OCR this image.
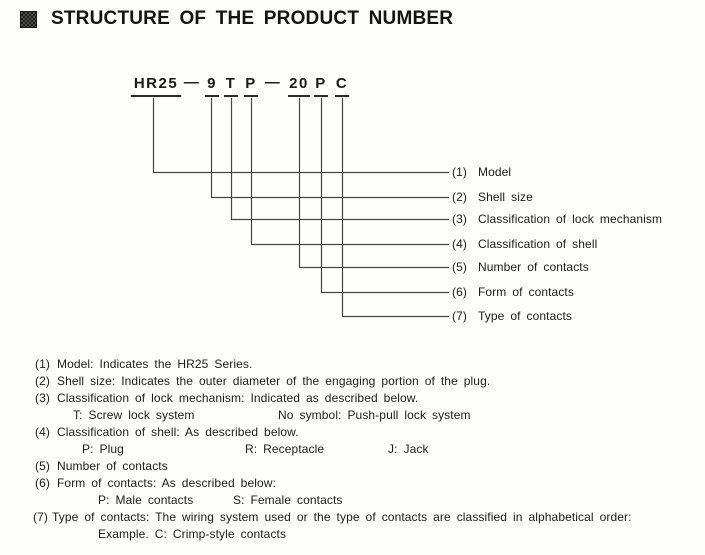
STRUCTURE OF THE PRODUCT NUMBER
HR25 — 9 T P — 20 P C
(1) Model
(2) Shell size
(3) Classification of lock mechanism
(4) Classification of shell
(5) Number of contacts
(6) Form of contacts
(7) Type of contacts
(1) Model: Indicates the HR25 Series.
(2) Shell size: Indicates the outer diameter of the engaging portion of the plug.
(3) Classification of lock mechanism: Indicated as described below.
T: Screw lock system	No symbol: Push-pull lock system
(4) Classification of shell: As described below.
P: Plug	R: Receptacle	J: Jack
(5) Number of contacts
(6) Form of contacts: As described below:
P: Male contacts	S: Female contacts
(7) Type of contacts: The wiring system used or the type of contacts are classified in alphabetical order:
Example. C: Crimp-style contacts
